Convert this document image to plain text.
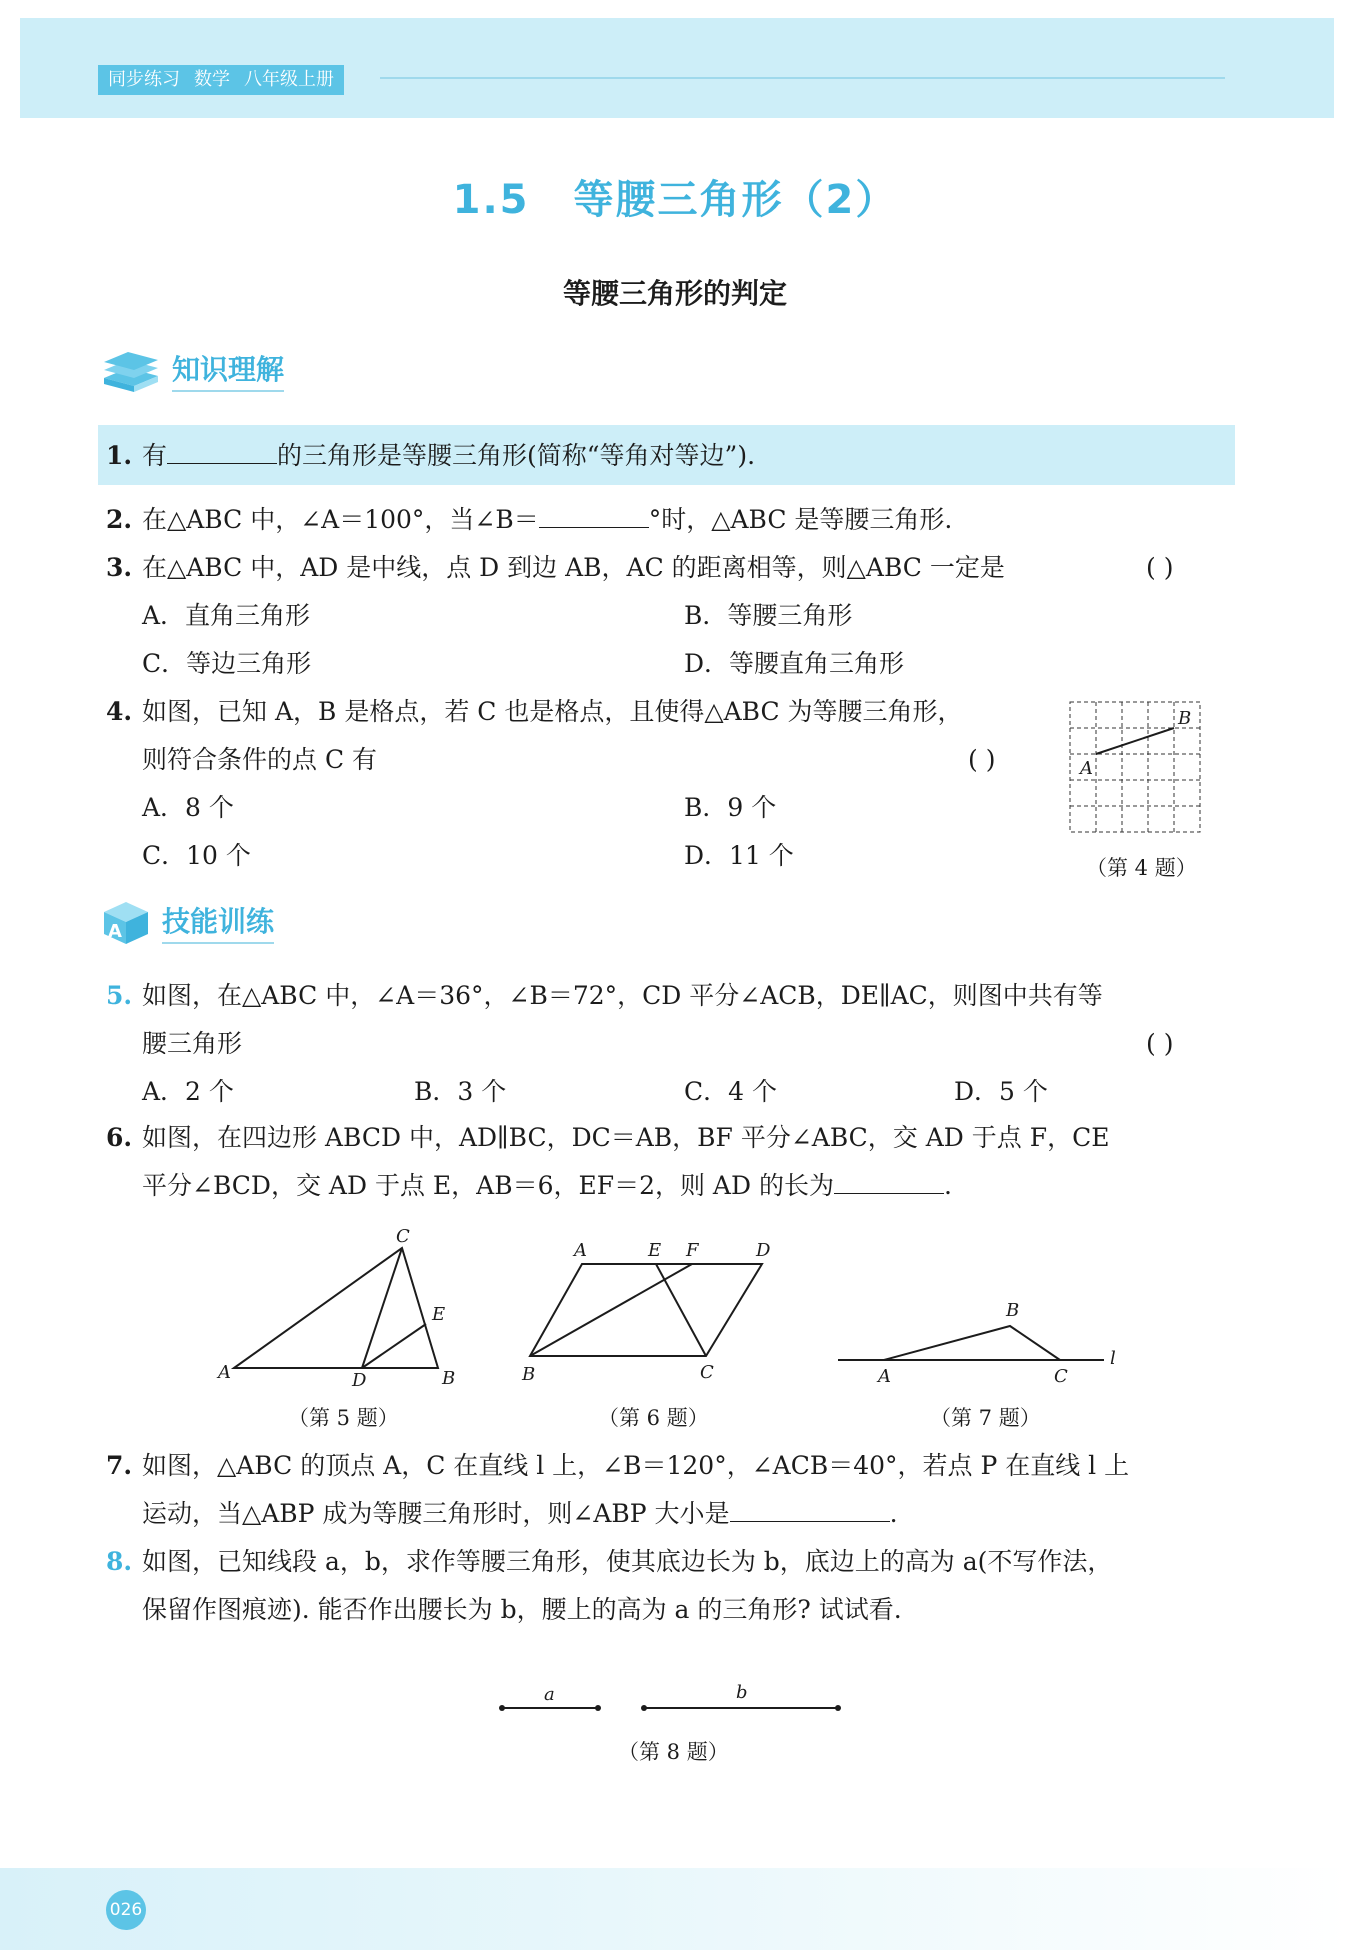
同步练习 数学 八年级上册
1.5 等腰三角形（2）
等腰三角形的判定
知识理解
1. 有	的三角形是等腰三角形(简称“等角对等边”).
2. 在△ABC 中，∠A＝100°，当∠B＝	°时，△ABC 是等腰三角形.
3. 在△ABC 中，AD 是中线，点 D 到边 AB，AC 的距离相等，则△ABC 一定是	( )
A．直角三角形	B．等腰三角形
C．等边三角形	D．等腰直角三角形
4. 如图，已知 A，B 是格点，若 C 也是格点，且使得△ABC 为等腰三角形，
则符合条件的点 C 有	( )
A．8 个	B．9 个
C．10 个	D．11 个
A
B
（第 4 题）
A 技能训练
5. 如图，在△ABC 中，∠A＝36°，∠B＝72°，CD 平分∠ACB，DE∥AC，则图中共有等
腰三角形	( )
A．2 个	B．3 个	C．4 个	D．5 个
6. 如图，在四边形 ABCD 中，AD∥BC，DC＝AB，BF 平分∠ABC，交 AD 于点 F，CE
平分∠BCD，交 AD 于点 E，AB＝6，EF＝2，则 AD 的长为	.
A
C
E
D	B
A	E F	D
B	C	A
B
C
l
（第 5 题）	（第 6 题）	（第 7 题）
7. 如图，△ABC 的顶点 A，C 在直线 l 上，∠B＝120°，∠ACB＝40°，若点 P 在直线 l 上
运动，当△ABP 成为等腰三角形时，则∠ABP 大小是	.
8. 如图，已知线段 a，b，求作等腰三角形，使其底边长为 b，底边上的高为 a(不写作法，
保留作图痕迹). 能否作出腰长为 b，腰上的高为 a 的三角形? 试试看.
a	b
（第 8 题）
026
